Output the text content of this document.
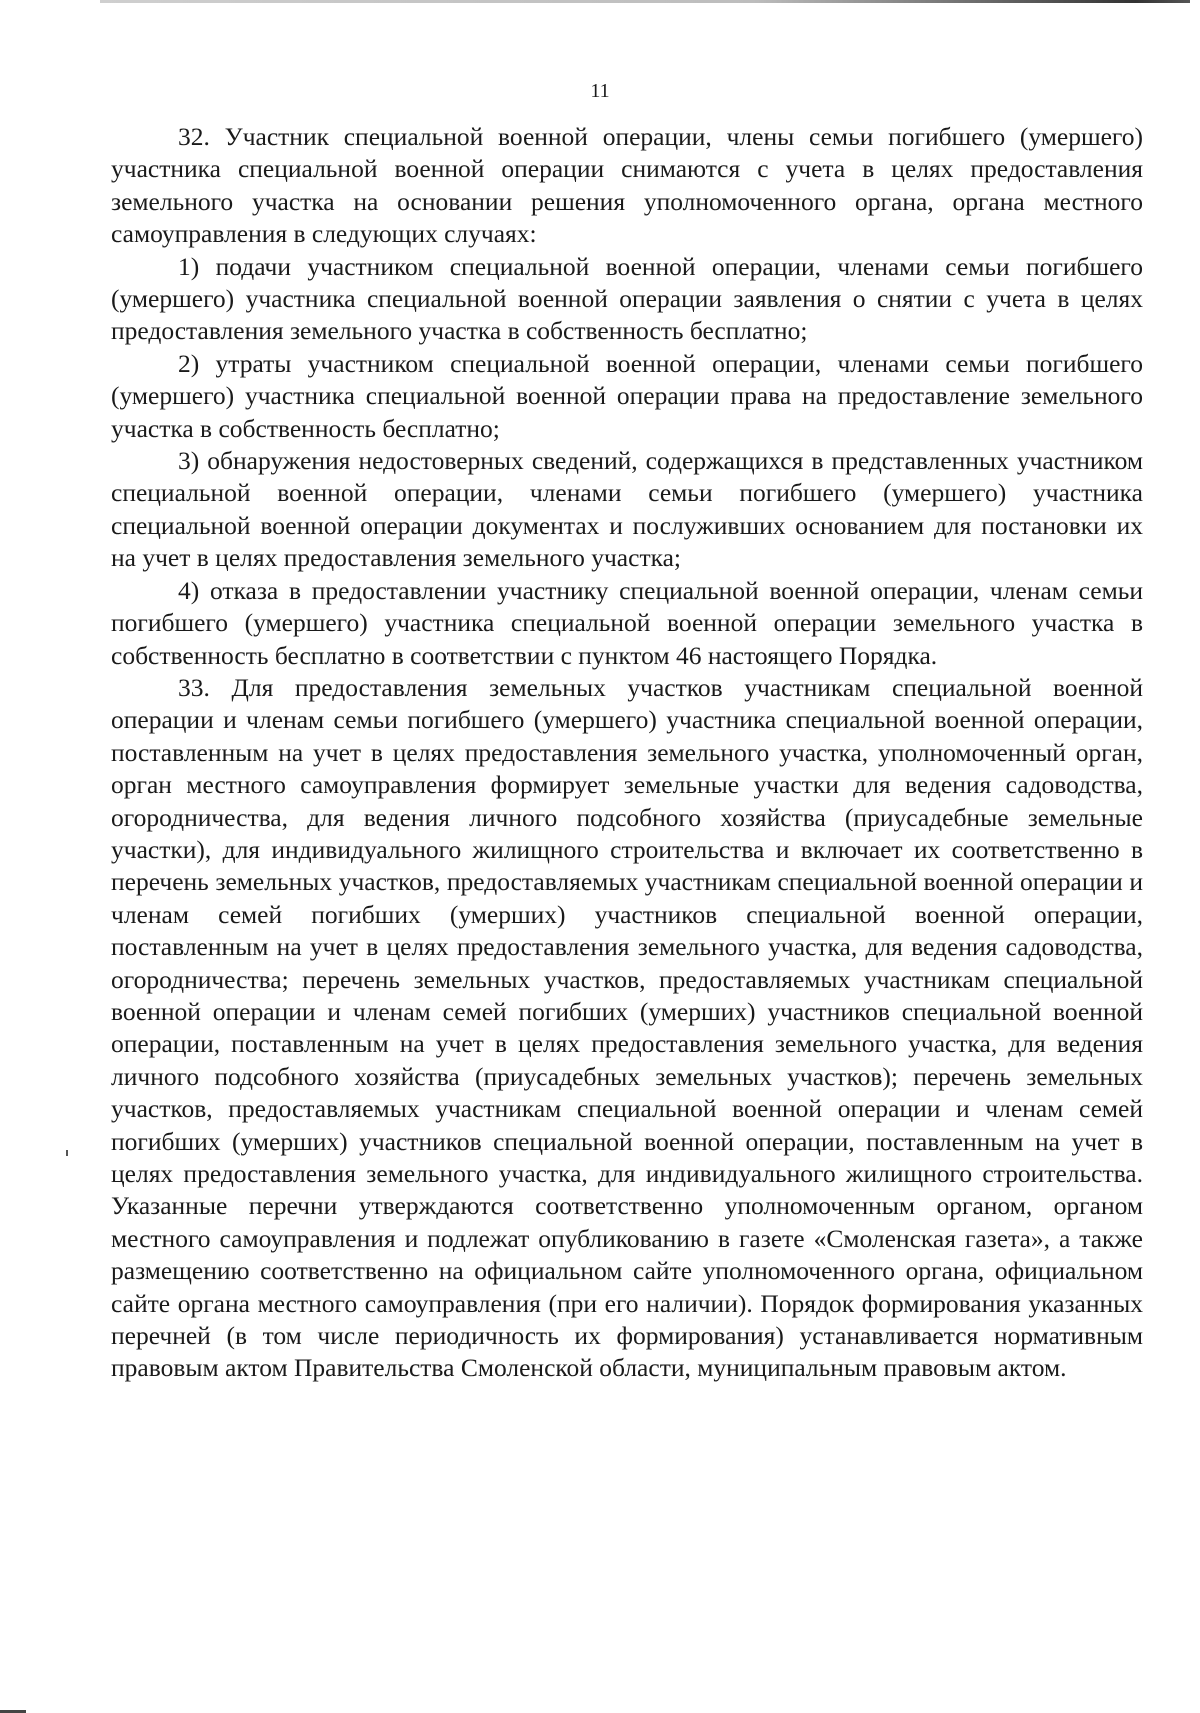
11

32. Участник специальной военной операции, члены семьи погибшего (умершего) участника специальной военной операции снимаются с учета в целях предоставления земельного участка на основании решения уполномоченного органа, органа местного самоуправления в следующих случаях:

1) подачи участником специальной военной операции, членами семьи погибшего (умершего) участника специальной военной операции заявления о снятии с учета в целях предоставления земельного участка в собственность бесплатно;

2) утраты участником специальной военной операции, членами семьи погибшего (умершего) участника специальной военной операции права на предоставление земельного участка в собственность бесплатно;

3) обнаружения недостоверных сведений, содержащихся в представленных участником специальной военной операции, членами семьи погибшего (умершего) участника специальной военной операции документах и послуживших основанием для постановки их на учет в целях предоставления земельного участка;

4) отказа в предоставлении участнику специальной военной операции, членам семьи погибшего (умершего) участника специальной военной операции земельного участка в собственность бесплатно в соответствии с пунктом 46 настоящего Порядка.

33. Для предоставления земельных участков участникам специальной военной операции и членам семьи погибшего (умершего) участника специальной военной операции, поставленным на учет в целях предоставления земельного участка, уполномоченный орган, орган местного самоуправления формирует земельные участки для ведения садоводства, огородничества, для ведения личного подсобного хозяйства (приусадебные земельные участки), для индивидуального жилищного строительства и включает их соответственно в перечень земельных участков, предоставляемых участникам специальной военной операции и членам семей погибших (умерших) участников специальной военной операции, поставленным на учет в целях предоставления земельного участка, для ведения садоводства, огородничества; перечень земельных участков, предоставляемых участникам специальной военной операции и членам семей погибших (умерших) участников специальной военной операции, поставленным на учет в целях предоставления земельного участка, для ведения личного подсобного хозяйства (приусадебных земельных участков); перечень земельных участков, предоставляемых участникам специальной военной операции и членам семей погибших (умерших) участников специальной военной операции, поставленным на учет в целях предоставления земельного участка, для индивидуального жилищного строительства. Указанные перечни утверждаются соответственно уполномоченным органом, органом местного самоуправления и подлежат опубликованию в газете «Смоленская газета», а также размещению соответственно на официальном сайте уполномоченного органа, официальном сайте органа местного самоуправления (при его наличии). Порядок формирования указанных перечней (в том числе периодичность их формирования) устанавливается нормативным правовым актом Правительства Смоленской области, муниципальным правовым актом.
